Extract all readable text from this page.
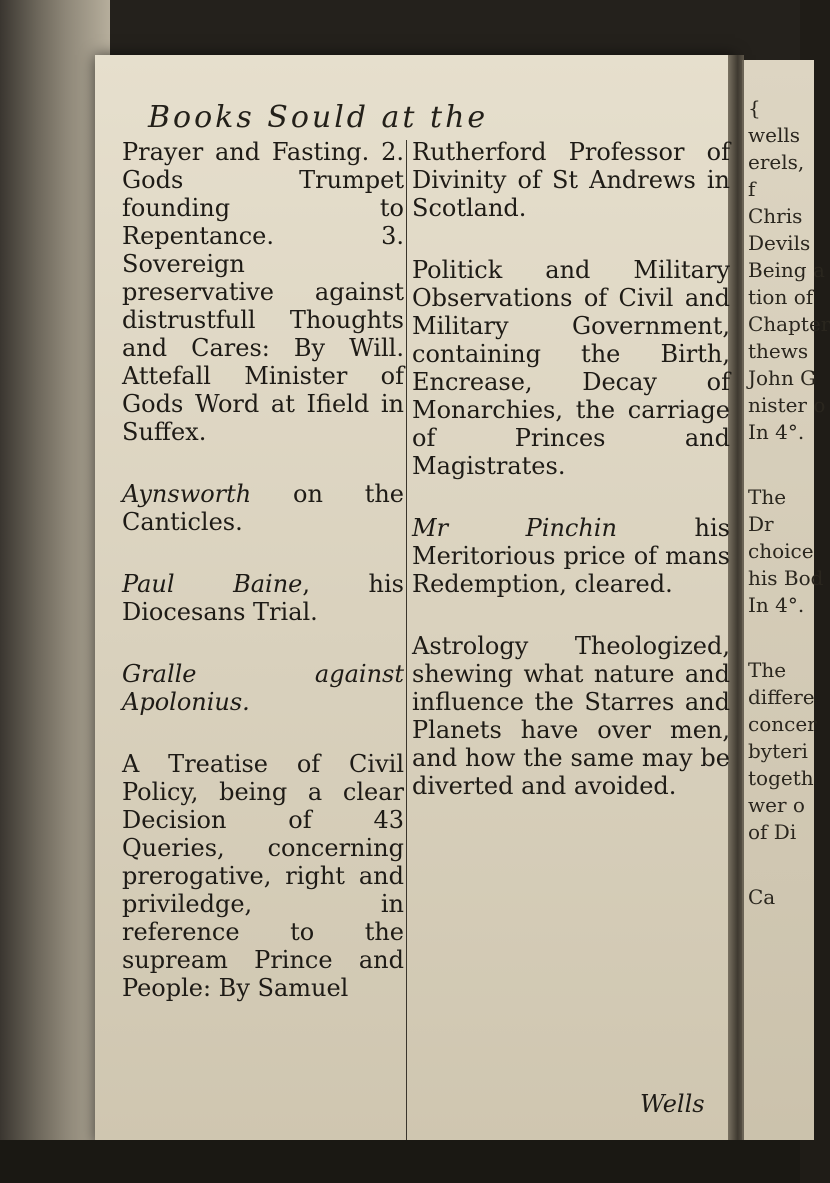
Books Sould at the

Prayer and Fasting. 2. Gods Trumpet founding to Repentance. 3. Sovereign preservative against distrustfull Thoughts and Cares: By Will. Attefall Minister of Gods Word at Ifield in Suffex.

Aynsworth on the Canticles.

Paul Baine, his Diocesans Trial.

Gralle against Apolonius.

A Treatise of Civil Policy, being a clear Decision of 43 Queries, concerning prerogative, right and priviledge, in reference to the supream Prince and People: By Samuel

Rutherford Professor of Divinity of St Andrews in Scotland.

Politick and Military Observations of Civil and Military Government, containing the Birth, Encrease, Decay of Monarchies, the carriage of Princes and Magistrates.

Mr Pinchin	his Meritorious price of mans Redemption, cleared.

Astrology Theologized, shewing what nature and influence the Starres and Planets have over men, and how the same may be diverted and avoided.

Wells
{
wells
erels,
f
Chris
Devils
Being a
tion of
Chapter
thews
John G
nister o
In 4°.
The
Dr
choice
his Bod
In 4°.
The
differe
concer
byteri
togeth
wer o
of Di
Ca
